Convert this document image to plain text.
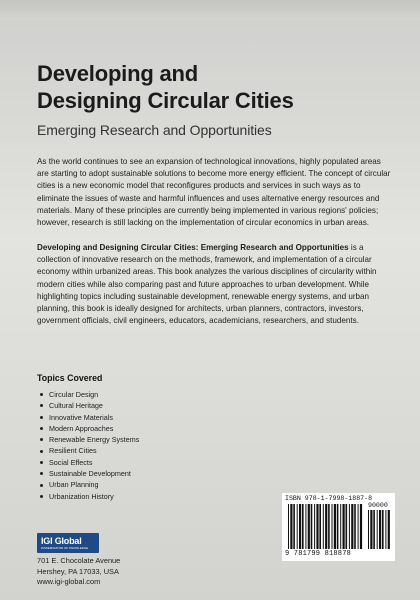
Developing and
Designing Circular Cities
Emerging Research and Opportunities

As the world continues to see an expansion of technological innovations, highly populated areas are starting to adopt sustainable solutions to become more energy efficient. The concept of circular cities is a new economic model that reconfigures products and services in such ways as to eliminate the issues of waste and harmful influences and uses alternative energy resources and materials. Many of these principles are currently being implemented in various regions' policies; however, research is still lacking on the implementation of circular economics in urban areas.

Developing and Designing Circular Cities: Emerging Research and Opportunities is a collection of innovative research on the methods, framework, and implementation of a circular economy within urbanized areas. This book analyzes the various disciplines of circularity within modern cities while also comparing past and future approaches to urban development. While highlighting topics including sustainable development, renewable energy systems, and urban planning, this book is ideally designed for architects, urban planners, contractors, investors, government officials, civil engineers, educators, academicians, researchers, and students.

Topics Covered
Circular Design
Cultural Heritage
Innovative Materials
Modern Approaches
Renewable Energy Systems
Resilient Cities
Social Effects
Sustainable Development
Urban Planning
Urbanization History
IGI Global
DISSEMINATOR OF KNOWLEDGE
701 E. Chocolate Avenue
Hershey, PA 17033, USA
www.igi-global.com
ISBN 978-1-7998-1887-8
90000
9 781799 818878
